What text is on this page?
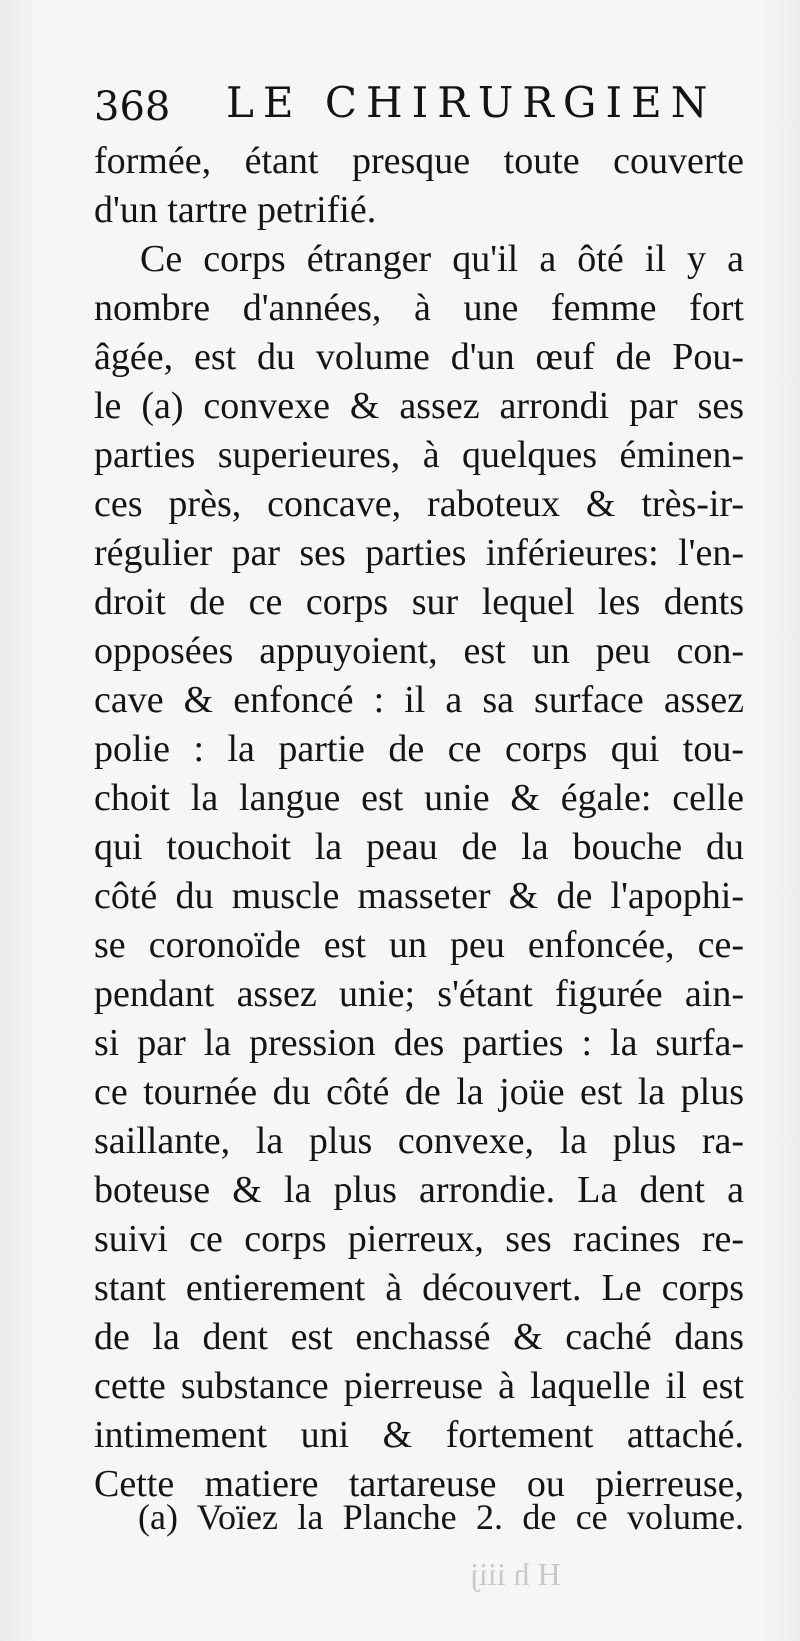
368 LE CHIRURGIEN
formée, étant presque toute couverte
d'un tartre petrifié.
Ce corps étranger qu'il a ôté il y a
nombre d'années, à une femme fort
âgée, est du volume d'un œuf de Pou-
le (a) convexe & assez arrondi par ses
parties superieures, à quelques éminen-
ces près, concave, raboteux & très-ir-
régulier par ses parties inférieures: l'en-
droit de ce corps sur lequel les dents
opposées appuyoient, est un peu con-
cave & enfoncé : il a sa surface assez
polie : la partie de ce corps qui tou-
choit la langue est unie & égale: celle
qui touchoit la peau de la bouche du
côté du muscle masseter & de l'apophi-
se coronoïde est un peu enfoncée, ce-
pendant assez unie; s'étant figurée ain-
si par la pression des parties : la surfa-
ce tournée du côté de la joüe est la plus
saillante, la plus convexe, la plus ra-
boteuse & la plus arrondie. La dent a
suivi ce corps pierreux, ses racines re-
stant entierement à découvert. Le corps
de la dent est enchassé & caché dans
cette substance pierreuse à laquelle il est
intimement uni & fortement attaché.
Cette matiere tartareuse ou pierreuse,
(a) Voïez la Planche 2. de ce volume.
H h iiij
